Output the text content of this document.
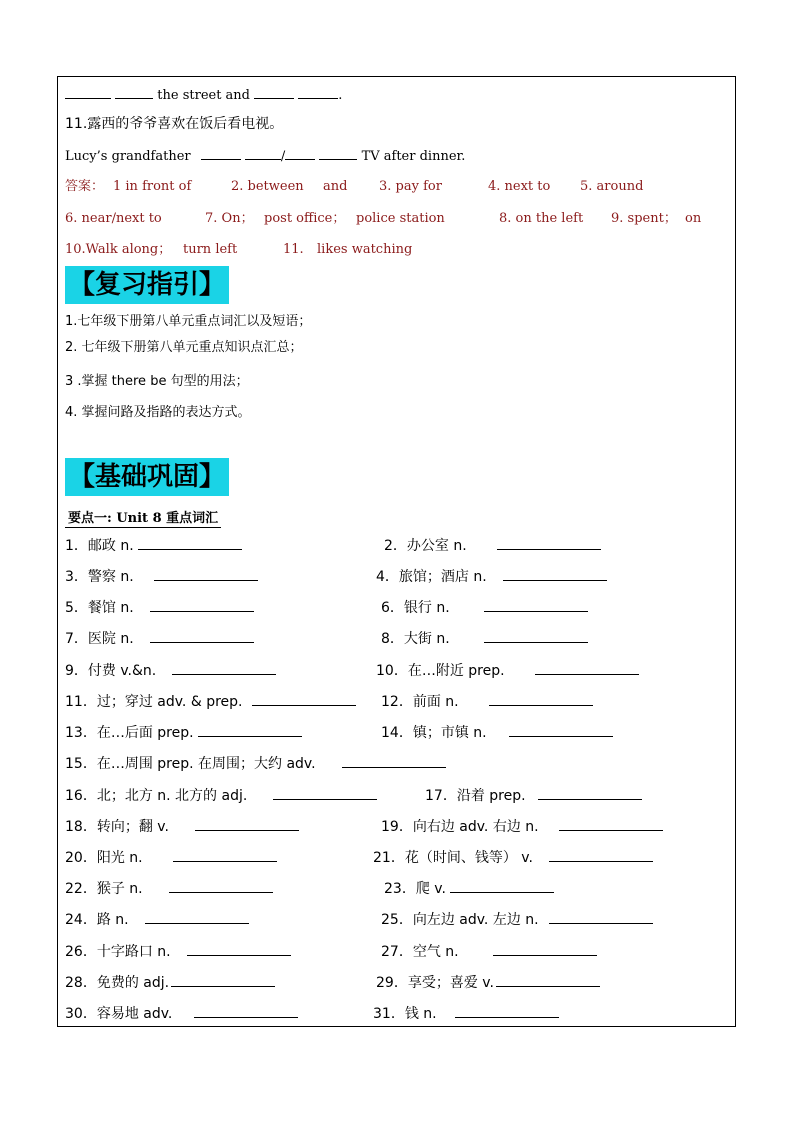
the street and	.
11.露西的爷爷喜欢在饭后看电视。
Lucy’s grandfather	/	TV after dinner.
答案： 1 in front of	2. between and 3. pay for	4. next to 5. around
6. near/next to	7. On； post office； police station	8. on the left 9. spent； on
10.Walk along； turn left	11. likes watching
【复习指引】
1.七年级下册第八单元重点词汇以及短语；
2. 七年级下册第八单元重点知识点汇总；
3 .掌握 there be 句型的用法；
4. 掌握问路及指路的表达方式。
【基础巩固】
要点一: Unit 8 重点词汇
1．邮政 n.	2．办公室 n.
3．警察 n.	4．旅馆；酒店 n.
5．餐馆 n.	6．银行 n.
7．医院 n.	8．大街 n.
9．付费 v.&n.	10．在…附近 prep.
11．过；穿过 adv. & prep.	12．前面 n.
13．在…后面 prep.	14．镇；市镇 n.
15．在…周围 prep. 在周围；大约 adv.
16．北；北方 n. 北方的 adj.	17．沿着 prep.
18．转向；翻 v.	19．向右边 adv. 右边 n.
20．阳光 n.	21．花（时间、钱等） v.
22．猴子 n.	23．爬 v.
24．路 n.	25．向左边 adv. 左边 n.
26．十字路口 n.	27．空气 n.
28．免费的 adj.	29．享受；喜爱 v.
30．容易地 adv.	31．钱 n.
